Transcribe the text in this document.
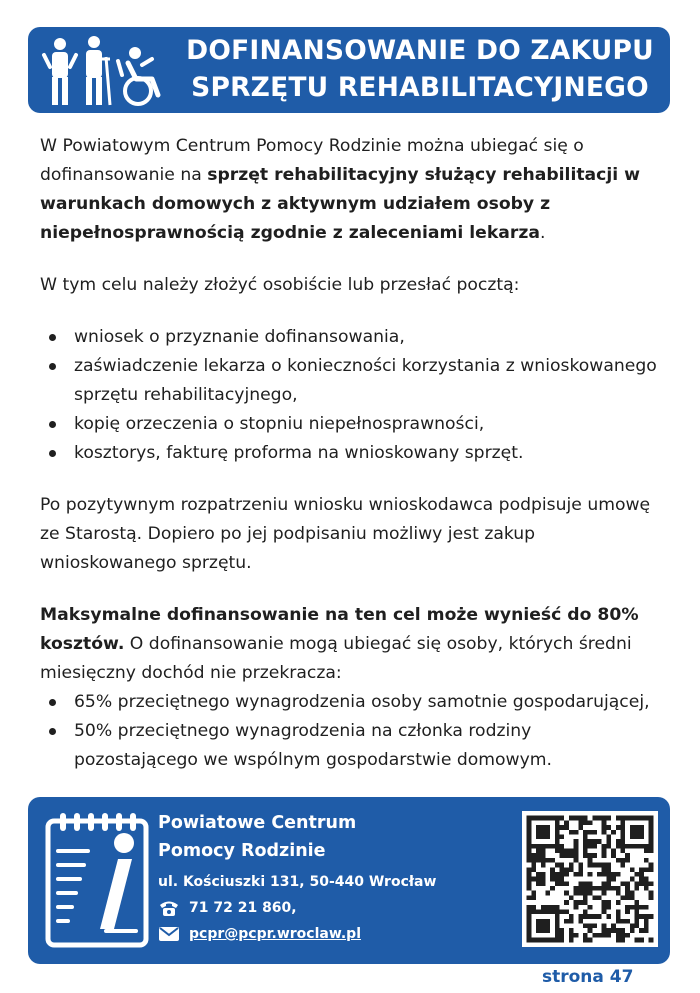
DOFINANSOWANIE DO ZAKUPU
SPRZĘTU REHABILITACYJNEGO

W Powiatowym Centrum Pomocy Rodzinie można ubiegać się o dofinansowanie na sprzęt rehabilitacyjny służący rehabilitacji w warunkach domowych z aktywnym udziałem osoby z niepełnosprawnością zgodnie z zaleceniami lekarza.

W tym celu należy złożyć osobiście lub przesłać pocztą:

wniosek o przyznanie dofinansowania,
zaświadczenie lekarza o konieczności korzystania z wnioskowanego sprzętu rehabilitacyjnego,
kopię orzeczenia o stopniu niepełnosprawności,
kosztorys, fakturę proforma na wnioskowany sprzęt.

Po pozytywnym rozpatrzeniu wniosku wnioskodawca podpisuje umowę ze Starostą. Dopiero po jej podpisaniu możliwy jest zakup wnioskowanego sprzętu.

Maksymalne dofinansowanie na ten cel może wynieść do 80% kosztów. O dofinansowanie mogą ubiegać się osoby, których średni miesięczny dochód nie przekracza:

65% przeciętnego wynagrodzenia osoby samotnie gospodarującej,
50% przeciętnego wynagrodzenia na członka rodziny pozostającego we wspólnym gospodarstwie domowym.
Powiatowe Centrum
Pomocy Rodzinie
ul. Kościuszki 131, 50-440 Wrocław
71 72 21 860,
pcpr@pcpr.wroclaw.pl
strona 47
